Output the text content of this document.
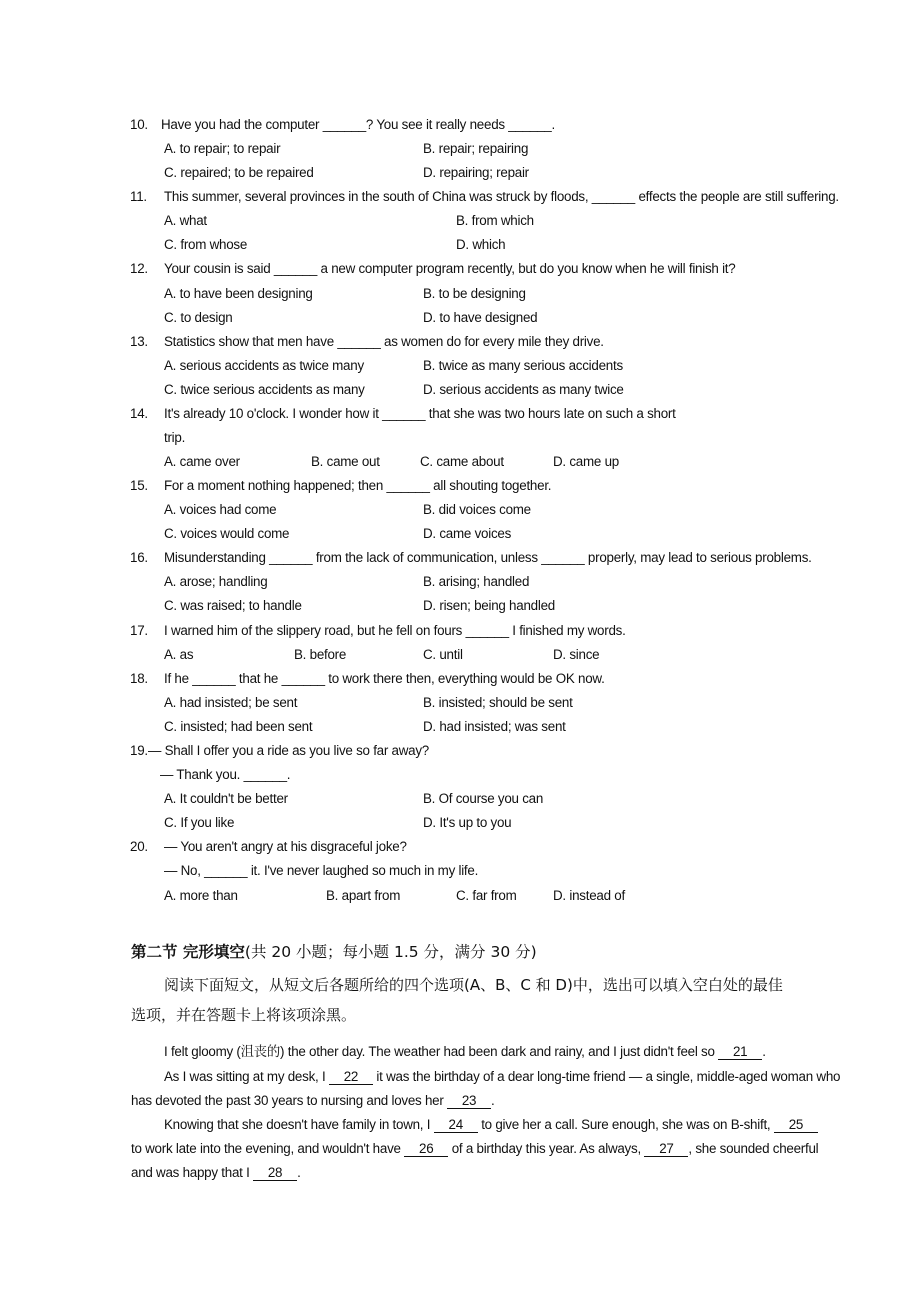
10. Have you had the computer ______? You see it really needs ______.
A. to repair; to repair	B. repair; repairing
C. repaired; to be repaired	D. repairing; repair
11. This summer, several provinces in the south of China was struck by floods, ______ effects the people are still suffering.
A. what	B. from which
C. from whose	D. which
12. Your cousin is said ______ a new computer program recently, but do you know when he will finish it?
A. to have been designing	B. to be designing
C. to design	D. to have designed
13. Statistics show that men have ______ as women do for every mile they drive.
A. serious accidents as twice many	B. twice as many serious accidents
C. twice serious accidents as many	D. serious accidents as many twice
14. It's already 10 o'clock. I wonder how it ______ that she was two hours late on such a short
trip.
A. came over	B. came out	C. came about	D. came up
15. For a moment nothing happened; then ______ all shouting together.
A. voices had come	B. did voices come
C. voices would come	D. came voices
16. Misunderstanding ______ from the lack of communication, unless ______ properly, may lead to serious problems.
A. arose; handling	B. arising; handled
C. was raised; to handle	D. risen; being handled
17. I warned him of the slippery road, but he fell on fours ______ I finished my words.
A. as	B. before	C. until	D. since
18. If he ______ that he ______ to work there then, everything would be OK now.
A. had insisted; be sent	B. insisted; should be sent
C. insisted; had been sent	D. had insisted; was sent
19. — Shall I offer you a ride as you live so far away?
— Thank you. ______.
A. It couldn't be better	B. Of course you can
C. If you like	D. It's up to you
20. — You aren't angry at his disgraceful joke?
— No, ______ it. I've never laughed so much in my life.
A. more than	B. apart from	C. far from	D. instead of
第二节 完形填空(共 20 小题；每小题 1.5 分，满分 30 分)
阅读下面短文，从短文后各题所给的四个选项(A、B、C 和 D)中，选出可以填入空白处的最佳选项，并在答题卡上将该项涂黑。
I felt gloomy (沮丧的) the other day. The weather had been dark and rainy, and I just didn't feel so 21 .
As I was sitting at my desk, I 22 it was the birthday of a dear long-time friend — a single, middle-aged woman who
has devoted the past 30 years to nursing and loves her 23 .
Knowing that she doesn't have family in town, I 24 to give her a call. Sure enough, she was on B-shift, 25
to work late into the evening, and wouldn't have 26 of a birthday this year. As always, 27 , she sounded cheerful
and was happy that I 28 .
